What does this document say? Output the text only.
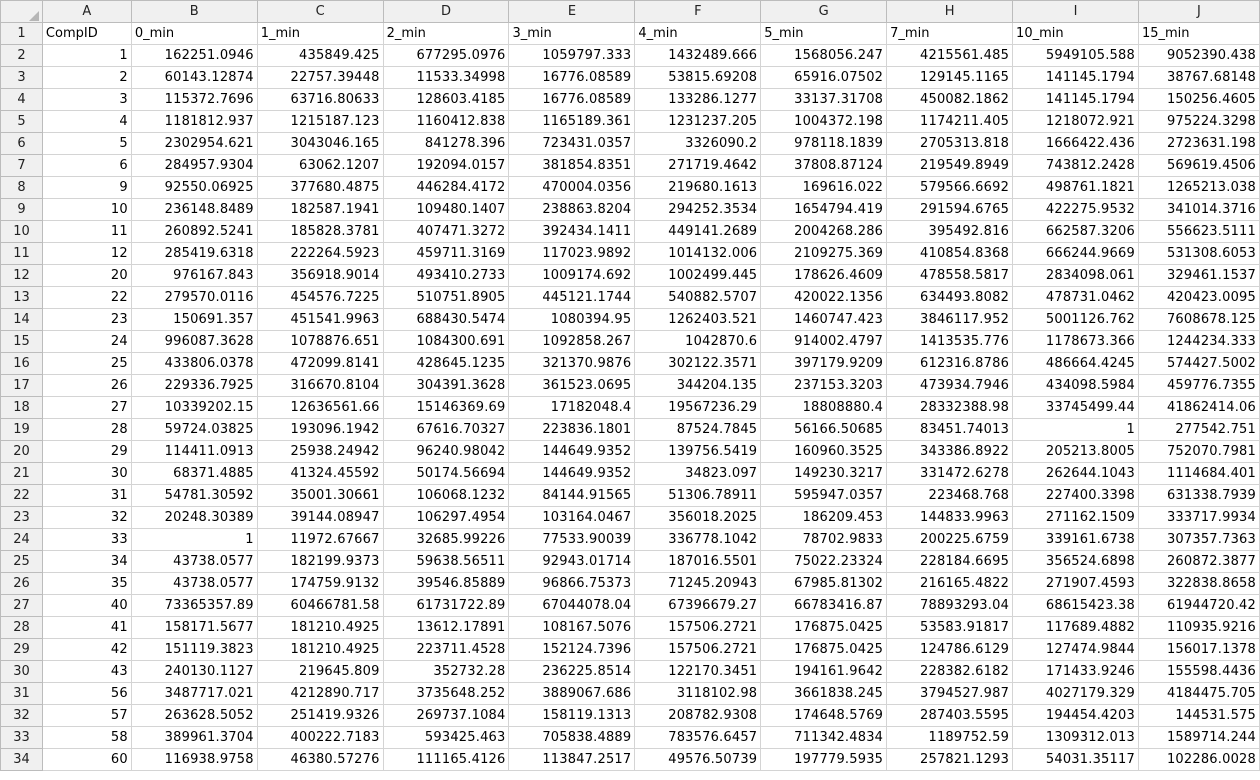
	A	B	C	D	E	F	G	H	I	J
1	CompID	0_min	1_min	2_min	3_min	4_min	5_min	7_min	10_min	15_min
2	1	162251.0946	435849.425	677295.0976	1059797.333	1432489.666	1568056.247	4215561.485	5949105.588	9052390.438
3	2	60143.12874	22757.39448	11533.34998	16776.08589	53815.69208	65916.07502	129145.1165	141145.1794	38767.68148
4	3	115372.7696	63716.80633	128603.4185	16776.08589	133286.1277	33137.31708	450082.1862	141145.1794	150256.4605
5	4	1181812.937	1215187.123	1160412.838	1165189.361	1231237.205	1004372.198	1174211.405	1218072.921	975224.3298
6	5	2302954.621	3043046.165	841278.396	723431.0357	3326090.2	978118.1839	2705313.818	1666422.436	2723631.198
7	6	284957.9304	63062.1207	192094.0157	381854.8351	271719.4642	37808.87124	219549.8949	743812.2428	569619.4506
8	9	92550.06925	377680.4875	446284.4172	470004.0356	219680.1613	169616.022	579566.6692	498761.1821	1265213.038
9	10	236148.8489	182587.1941	109480.1407	238863.8204	294252.3534	1654794.419	291594.6765	422275.9532	341014.3716
10	11	260892.5241	185828.3781	407471.3272	392434.1411	449141.2689	2004268.286	395492.816	662587.3206	556623.5111
11	12	285419.6318	222264.5923	459711.3169	117023.9892	1014132.006	2109275.369	410854.8368	666244.9669	531308.6053
12	20	976167.843	356918.9014	493410.2733	1009174.692	1002499.445	178626.4609	478558.5817	2834098.061	329461.1537
13	22	279570.0116	454576.7225	510751.8905	445121.1744	540882.5707	420022.1356	634493.8082	478731.0462	420423.0095
14	23	150691.357	451541.9963	688430.5474	1080394.95	1262403.521	1460747.423	3846117.952	5001126.762	7608678.125
15	24	996087.3628	1078876.651	1084300.691	1092858.267	1042870.6	914002.4797	1413535.776	1178673.366	1244234.333
16	25	433806.0378	472099.8141	428645.1235	321370.9876	302122.3571	397179.9209	612316.8786	486664.4245	574427.5002
17	26	229336.7925	316670.8104	304391.3628	361523.0695	344204.135	237153.3203	473934.7946	434098.5984	459776.7355
18	27	10339202.15	12636561.66	15146369.69	17182048.4	19567236.29	18808880.4	28332388.98	33745499.44	41862414.06
19	28	59724.03825	193096.1942	67616.70327	223836.1801	87524.7845	56166.50685	83451.74013	1	277542.751
20	29	114411.0913	25938.24942	96240.98042	144649.9352	139756.5419	160960.3525	343386.8922	205213.8005	752070.7981
21	30	68371.4885	41324.45592	50174.56694	144649.9352	34823.097	149230.3217	331472.6278	262644.1043	1114684.401
22	31	54781.30592	35001.30661	106068.1232	84144.91565	51306.78911	595947.0357	223468.768	227400.3398	631338.7939
23	32	20248.30389	39144.08947	106297.4954	103164.0467	356018.2025	186209.453	144833.9963	271162.1509	333717.9934
24	33	1	11972.67667	32685.99226	77533.90039	336778.1042	78702.9833	200225.6759	339161.6738	307357.7363
25	34	43738.0577	182199.9373	59638.56511	92943.01714	187016.5501	75022.23324	228184.6695	356524.6898	260872.3877
26	35	43738.0577	174759.9132	39546.85889	96866.75373	71245.20943	67985.81302	216165.4822	271907.4593	322838.8658
27	40	73365357.89	60466781.58	61731722.89	67044078.04	67396679.27	66783416.87	78893293.04	68615423.38	61944720.42
28	41	158171.5677	181210.4925	13612.17891	108167.5076	157506.2721	176875.0425	53583.91817	117689.4882	110935.9216
29	42	151119.3823	181210.4925	223711.4528	152124.7396	157506.2721	176875.0425	124786.6129	127474.9844	156017.1378
30	43	240130.1127	219645.809	352732.28	236225.8514	122170.3451	194161.9642	228382.6182	171433.9246	155598.4436
31	56	3487717.021	4212890.717	3735648.252	3889067.686	3118102.98	3661838.245	3794527.987	4027179.329	4184475.705
32	57	263628.5052	251419.9326	269737.1084	158119.1313	208782.9308	174648.5769	287403.5595	194454.4203	144531.575
33	58	389961.3704	400222.7183	593425.463	705838.4889	783576.6457	711342.4834	1189752.59	1309312.013	1589714.244
34	60	116938.9758	46380.57276	111165.4126	113847.2517	49576.50739	197779.5935	257821.1293	54031.35117	102286.0028
